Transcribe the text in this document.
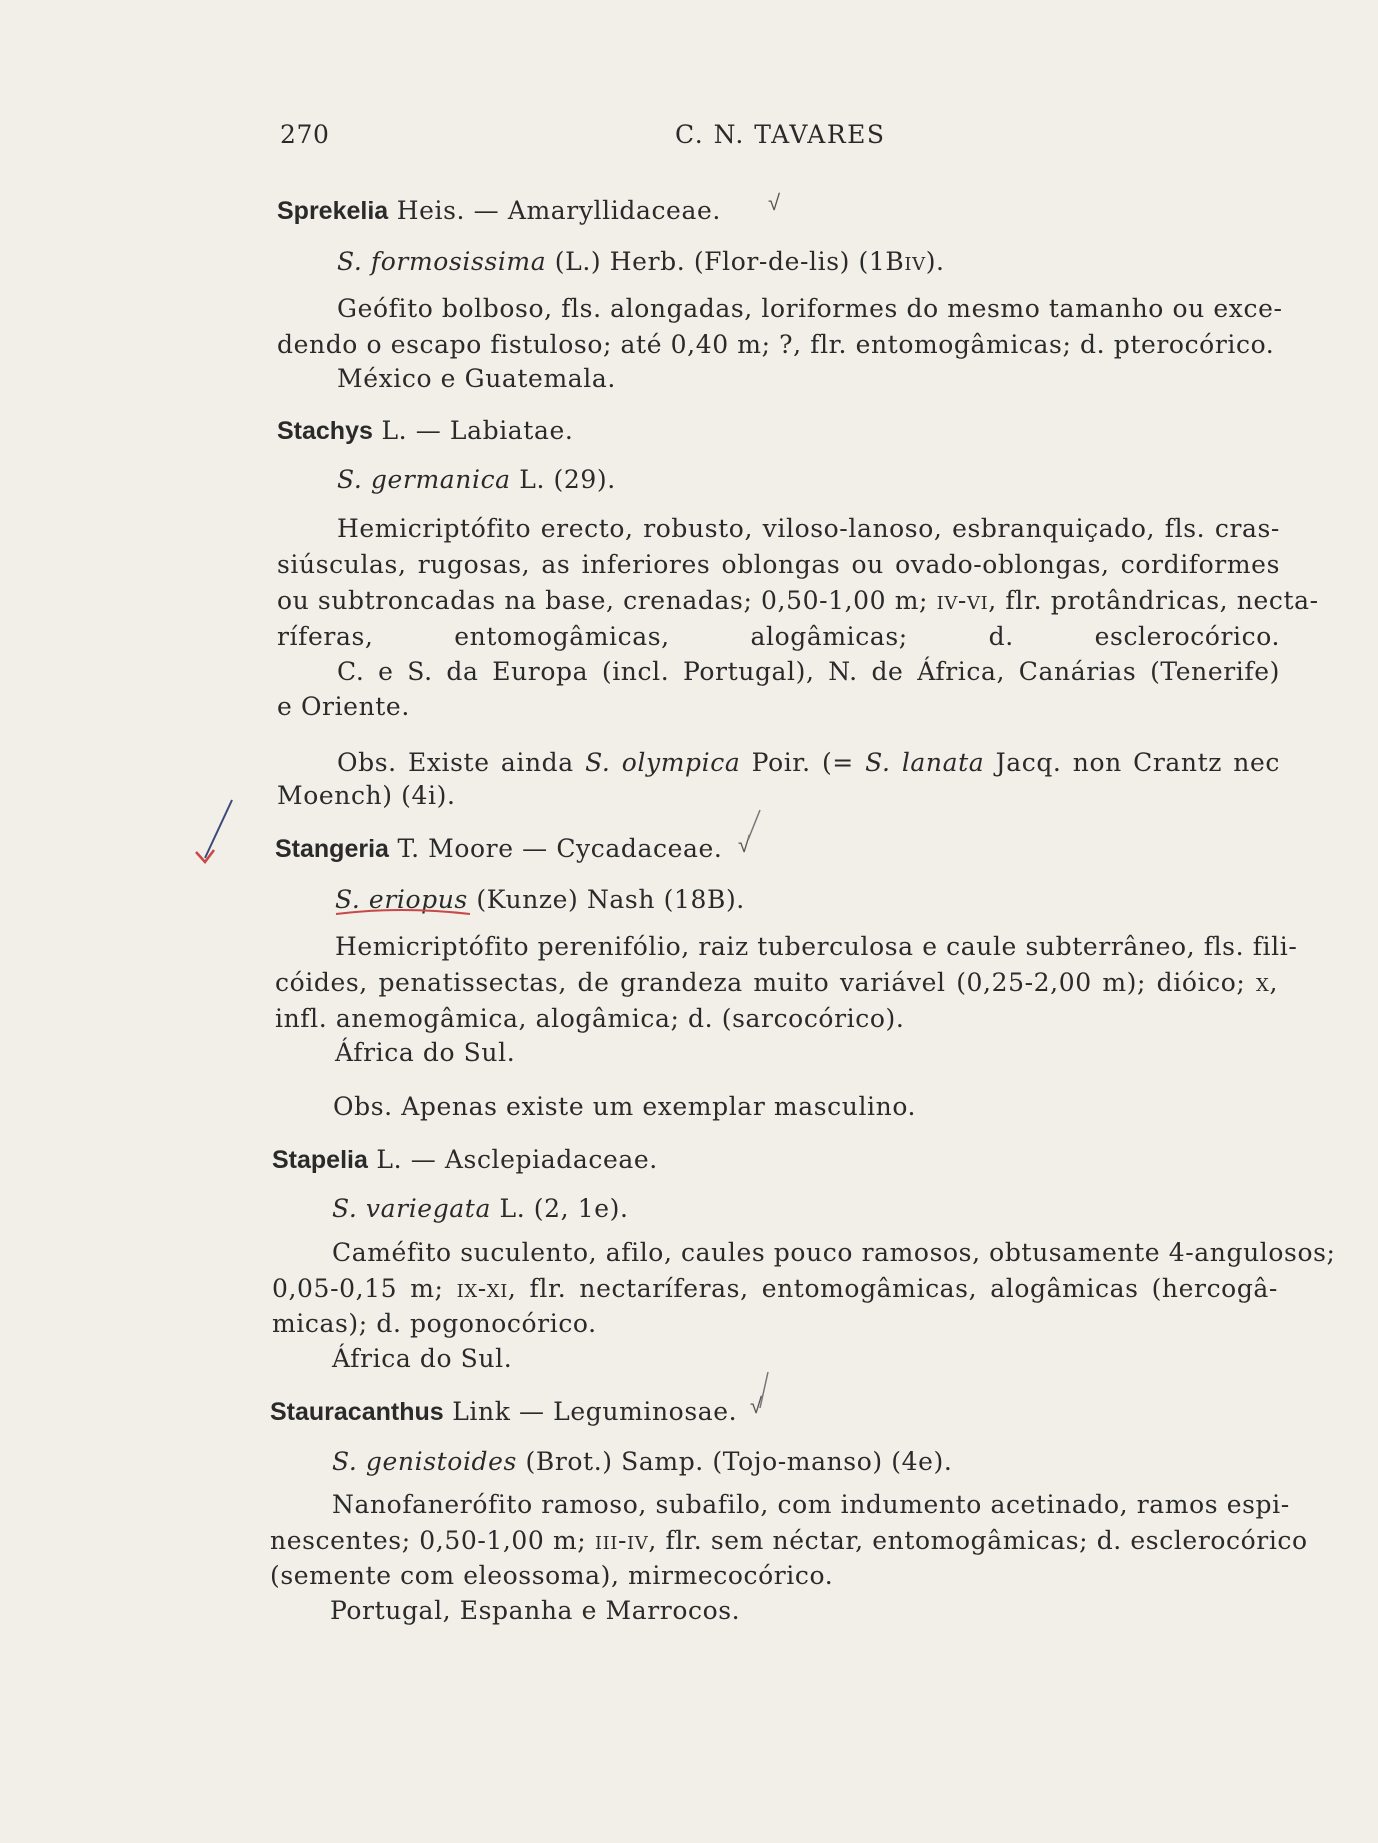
270	C. N. TAVARES
Sprekelia Heis. — Amaryllidaceae. √
S. formosissima (L.) Herb. (Flor-de-lis) (1Biv).
Geófito bolboso, fls. alongadas, loriformes do mesmo tamanho ou exce-
dendo o escapo fistuloso; até 0,40 m; ?, flr. entomogâmicas; d. pterocórico.
México e Guatemala.
Stachys L. — Labiatae.
S. germanica L. (29).
Hemicriptófito erecto, robusto, viloso-lanoso, esbranquiçado, fls. cras-
siúsculas, rugosas, as inferiores oblongas ou ovado-oblongas, cordiformes
ou subtroncadas na base, crenadas; 0,50-1,00 m; iv-vi, flr. protândricas, necta-
ríferas, entomogâmicas, alogâmicas; d. esclerocórico.
C. e S. da Europa (incl. Portugal), N. de África, Canárias (Tenerife)
e Oriente.
Obs. Existe ainda S. olympica Poir. (= S. lanata Jacq. non Crantz nec
Moench) (4i).
Stangeria T. Moore — Cycadaceae. √
S. eriopus (Kunze) Nash (18B).
Hemicriptófito perenifólio, raiz tuberculosa e caule subterrâneo, fls. fili-
cóides, penatissectas, de grandeza muito variável (0,25-2,00 m); dióico; x,
infl. anemogâmica, alogâmica; d. (sarcocórico).
África do Sul.
Obs. Apenas existe um exemplar masculino.
Stapelia L. — Asclepiadaceae.
S. variegata L. (2, 1e).
Caméfito suculento, afilo, caules pouco ramosos, obtusamente 4-angulosos;
0,05-0,15 m; ix-xi, flr. nectaríferas, entomogâmicas, alogâmicas (hercogâ-
micas); d. pogonocórico.
África do Sul.
Stauracanthus Link — Leguminosae. √
S. genistoides (Brot.) Samp. (Tojo-manso) (4e).
Nanofanerófito ramoso, subafilo, com indumento acetinado, ramos espi-
nescentes; 0,50-1,00 m; iii-iv, flr. sem néctar, entomogâmicas; d. esclerocórico
(semente com eleossoma), mirmecocórico.
Portugal, Espanha e Marrocos.
